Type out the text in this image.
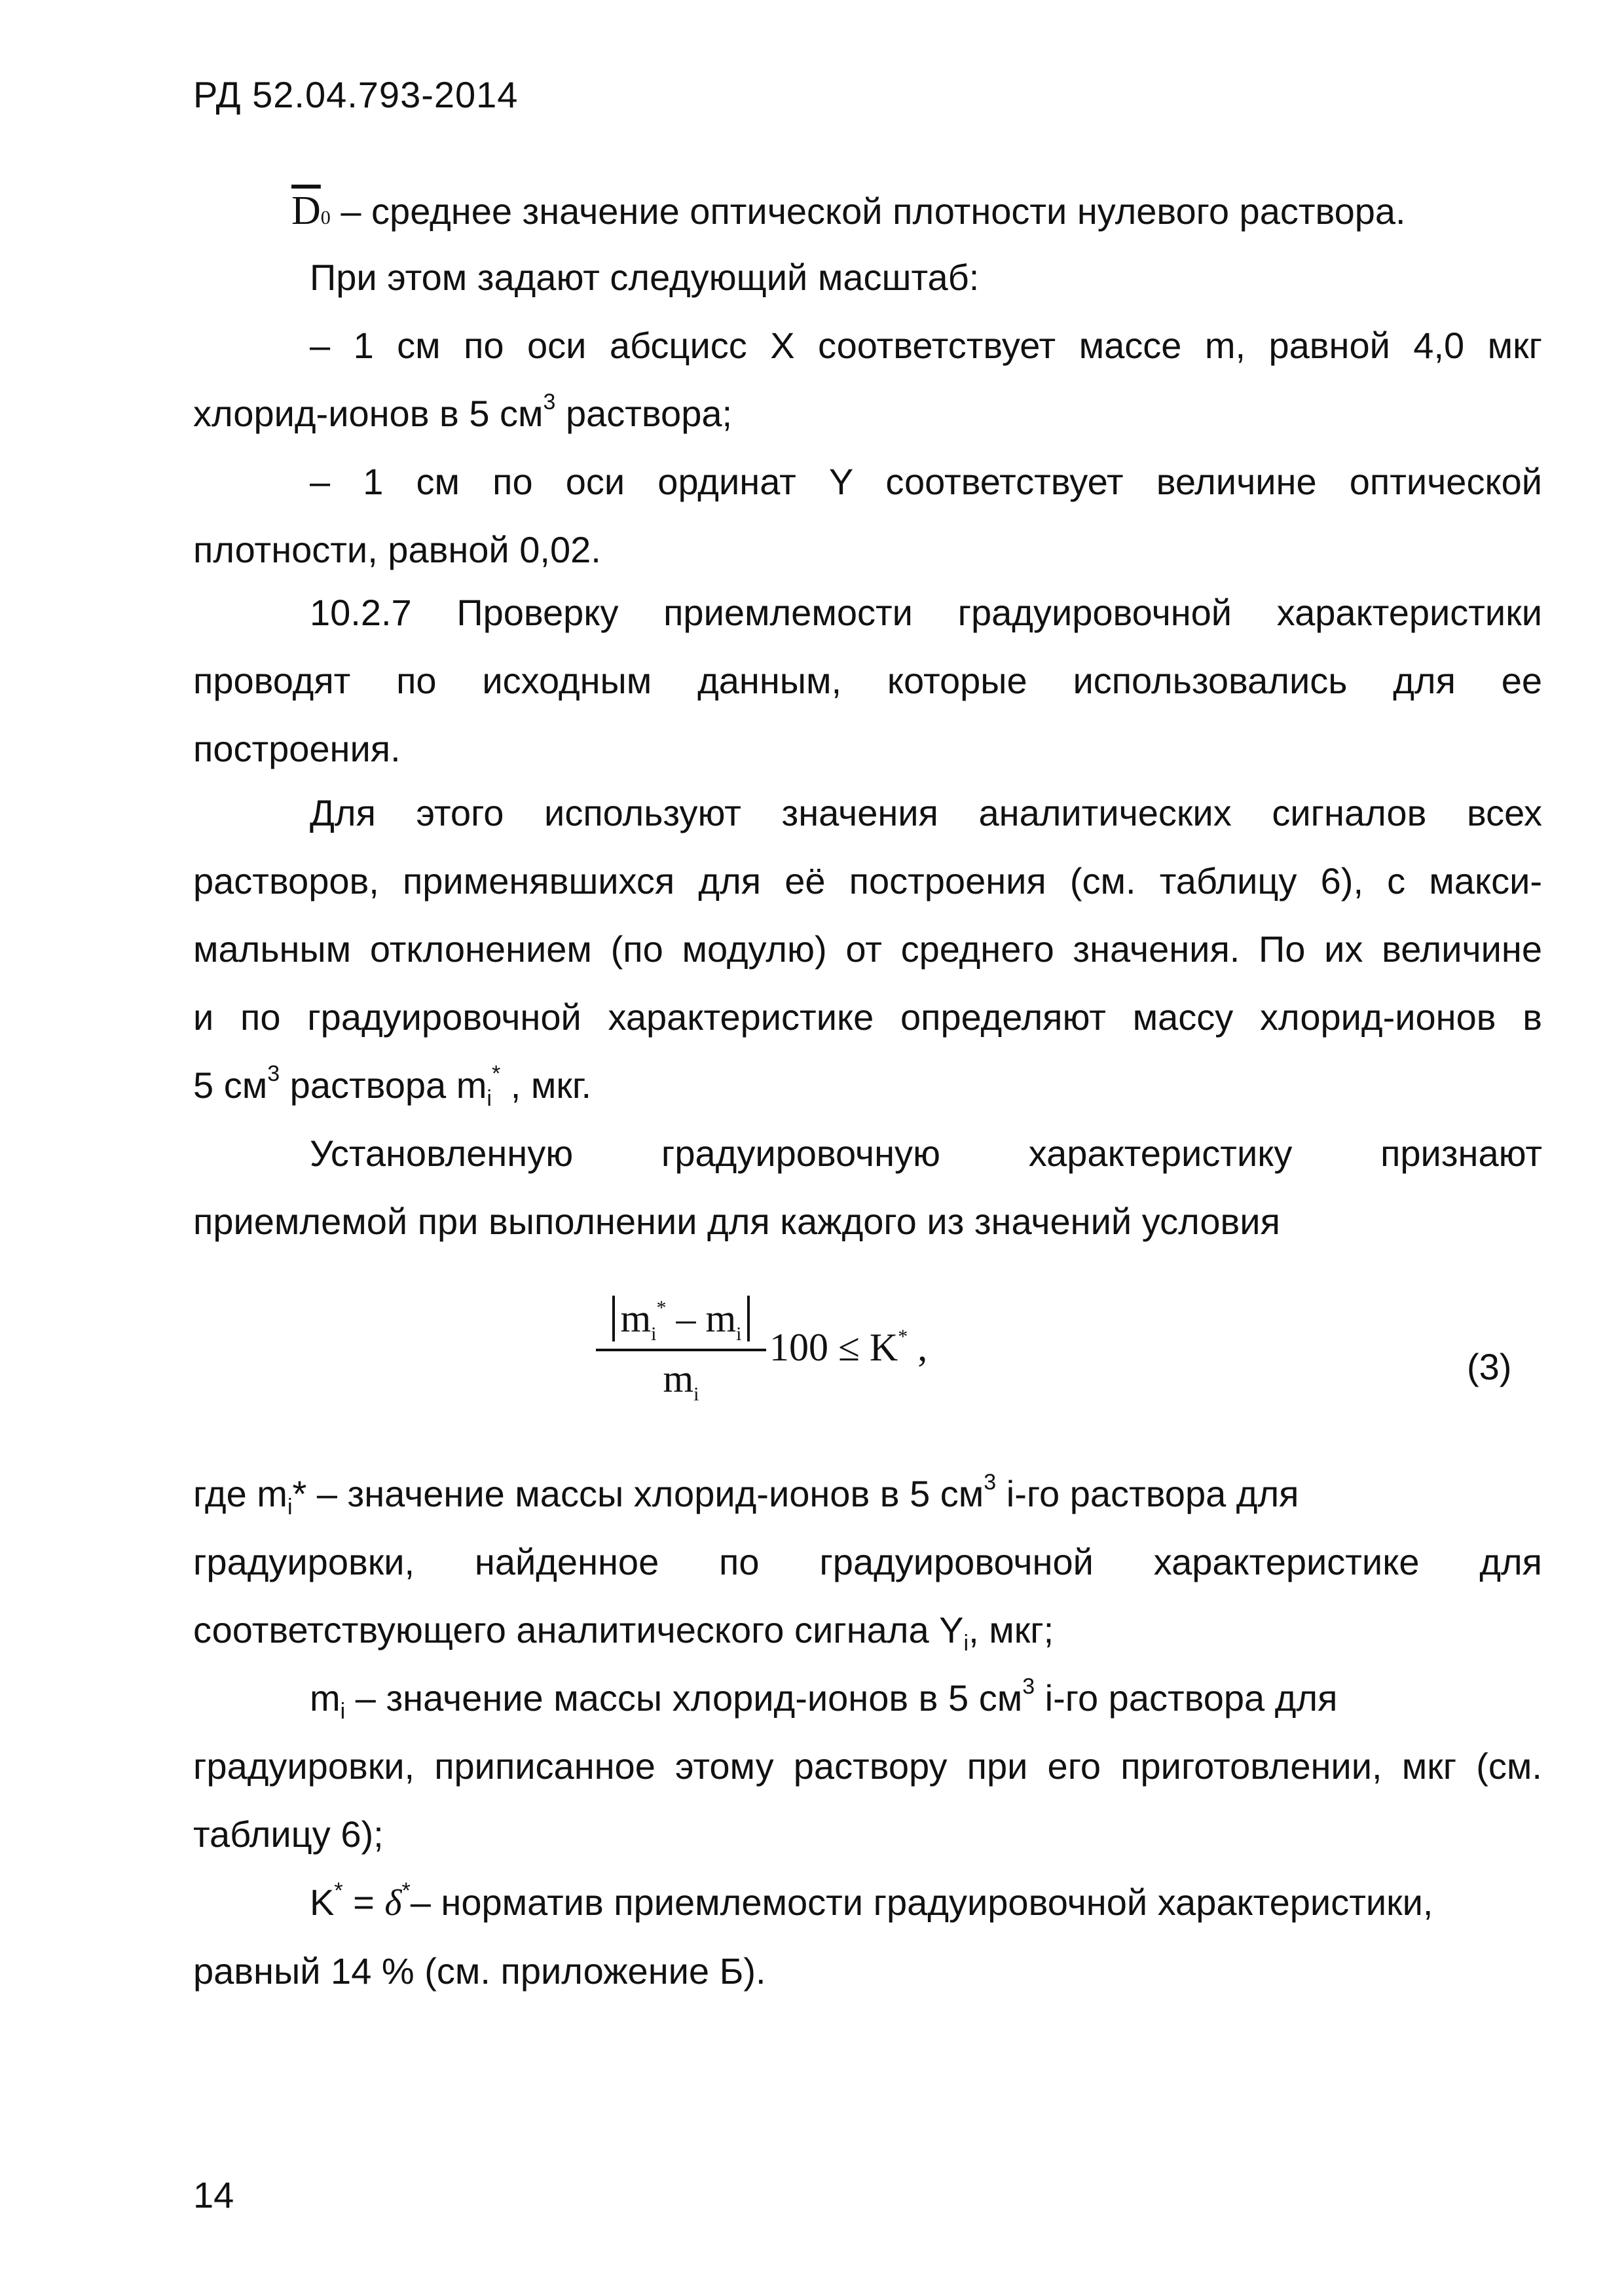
РД 52.04.793-2014
$\overline{D}0$ – среднее значение оптической плотности нулевого раствора.
При этом задают следующий масштаб:
– 1 см по оси абсцисс Х соответствует массе m, равной 4,0 мкг
хлорид-ионов в 5 $см^3$ раствора;
– 1 см по оси ординат Y соответствует величине оптической
плотности, равной 0,02.
10.2.7 Проверку приемлемости градуировочной характеристики
проводят по исходным данным, которые использовались для ее
построения.
Для этого используют значения аналитических сигналов всех
растворов, применявшихся для её построения (см. таблицу 6), с макси-
мальным отклонением (по модулю) от среднего значения. По их величине
и по градуировочной характеристике определяют массу хлорид-ионов в
5 $см^3$ раствора $m_i^*$ , мкг.
Установленную градуировочную характеристику признают
приемлемой при выполнении для каждого из значений условия
$m_i^* - m_i$
$m_i$
100 ≤ K* ,	(3)
где $m_i*$ – значение массы хлорид-ионов в 5 $см^3$ i-го раствора для
градуировки, найденное по градуировочной характеристике для
соответствующего аналитического сигнала $Y_i$, мкг;
$m_i$ – значение массы хлорид-ионов в 5 $см^3$ i-го раствора для
градуировки, приписанное этому раствору при его приготовлении, мкг (см.
таблицу 6);
K* = δ*– норматив приемлемости градуировочной характеристики,
равный 14 % (см. приложение Б).
14
